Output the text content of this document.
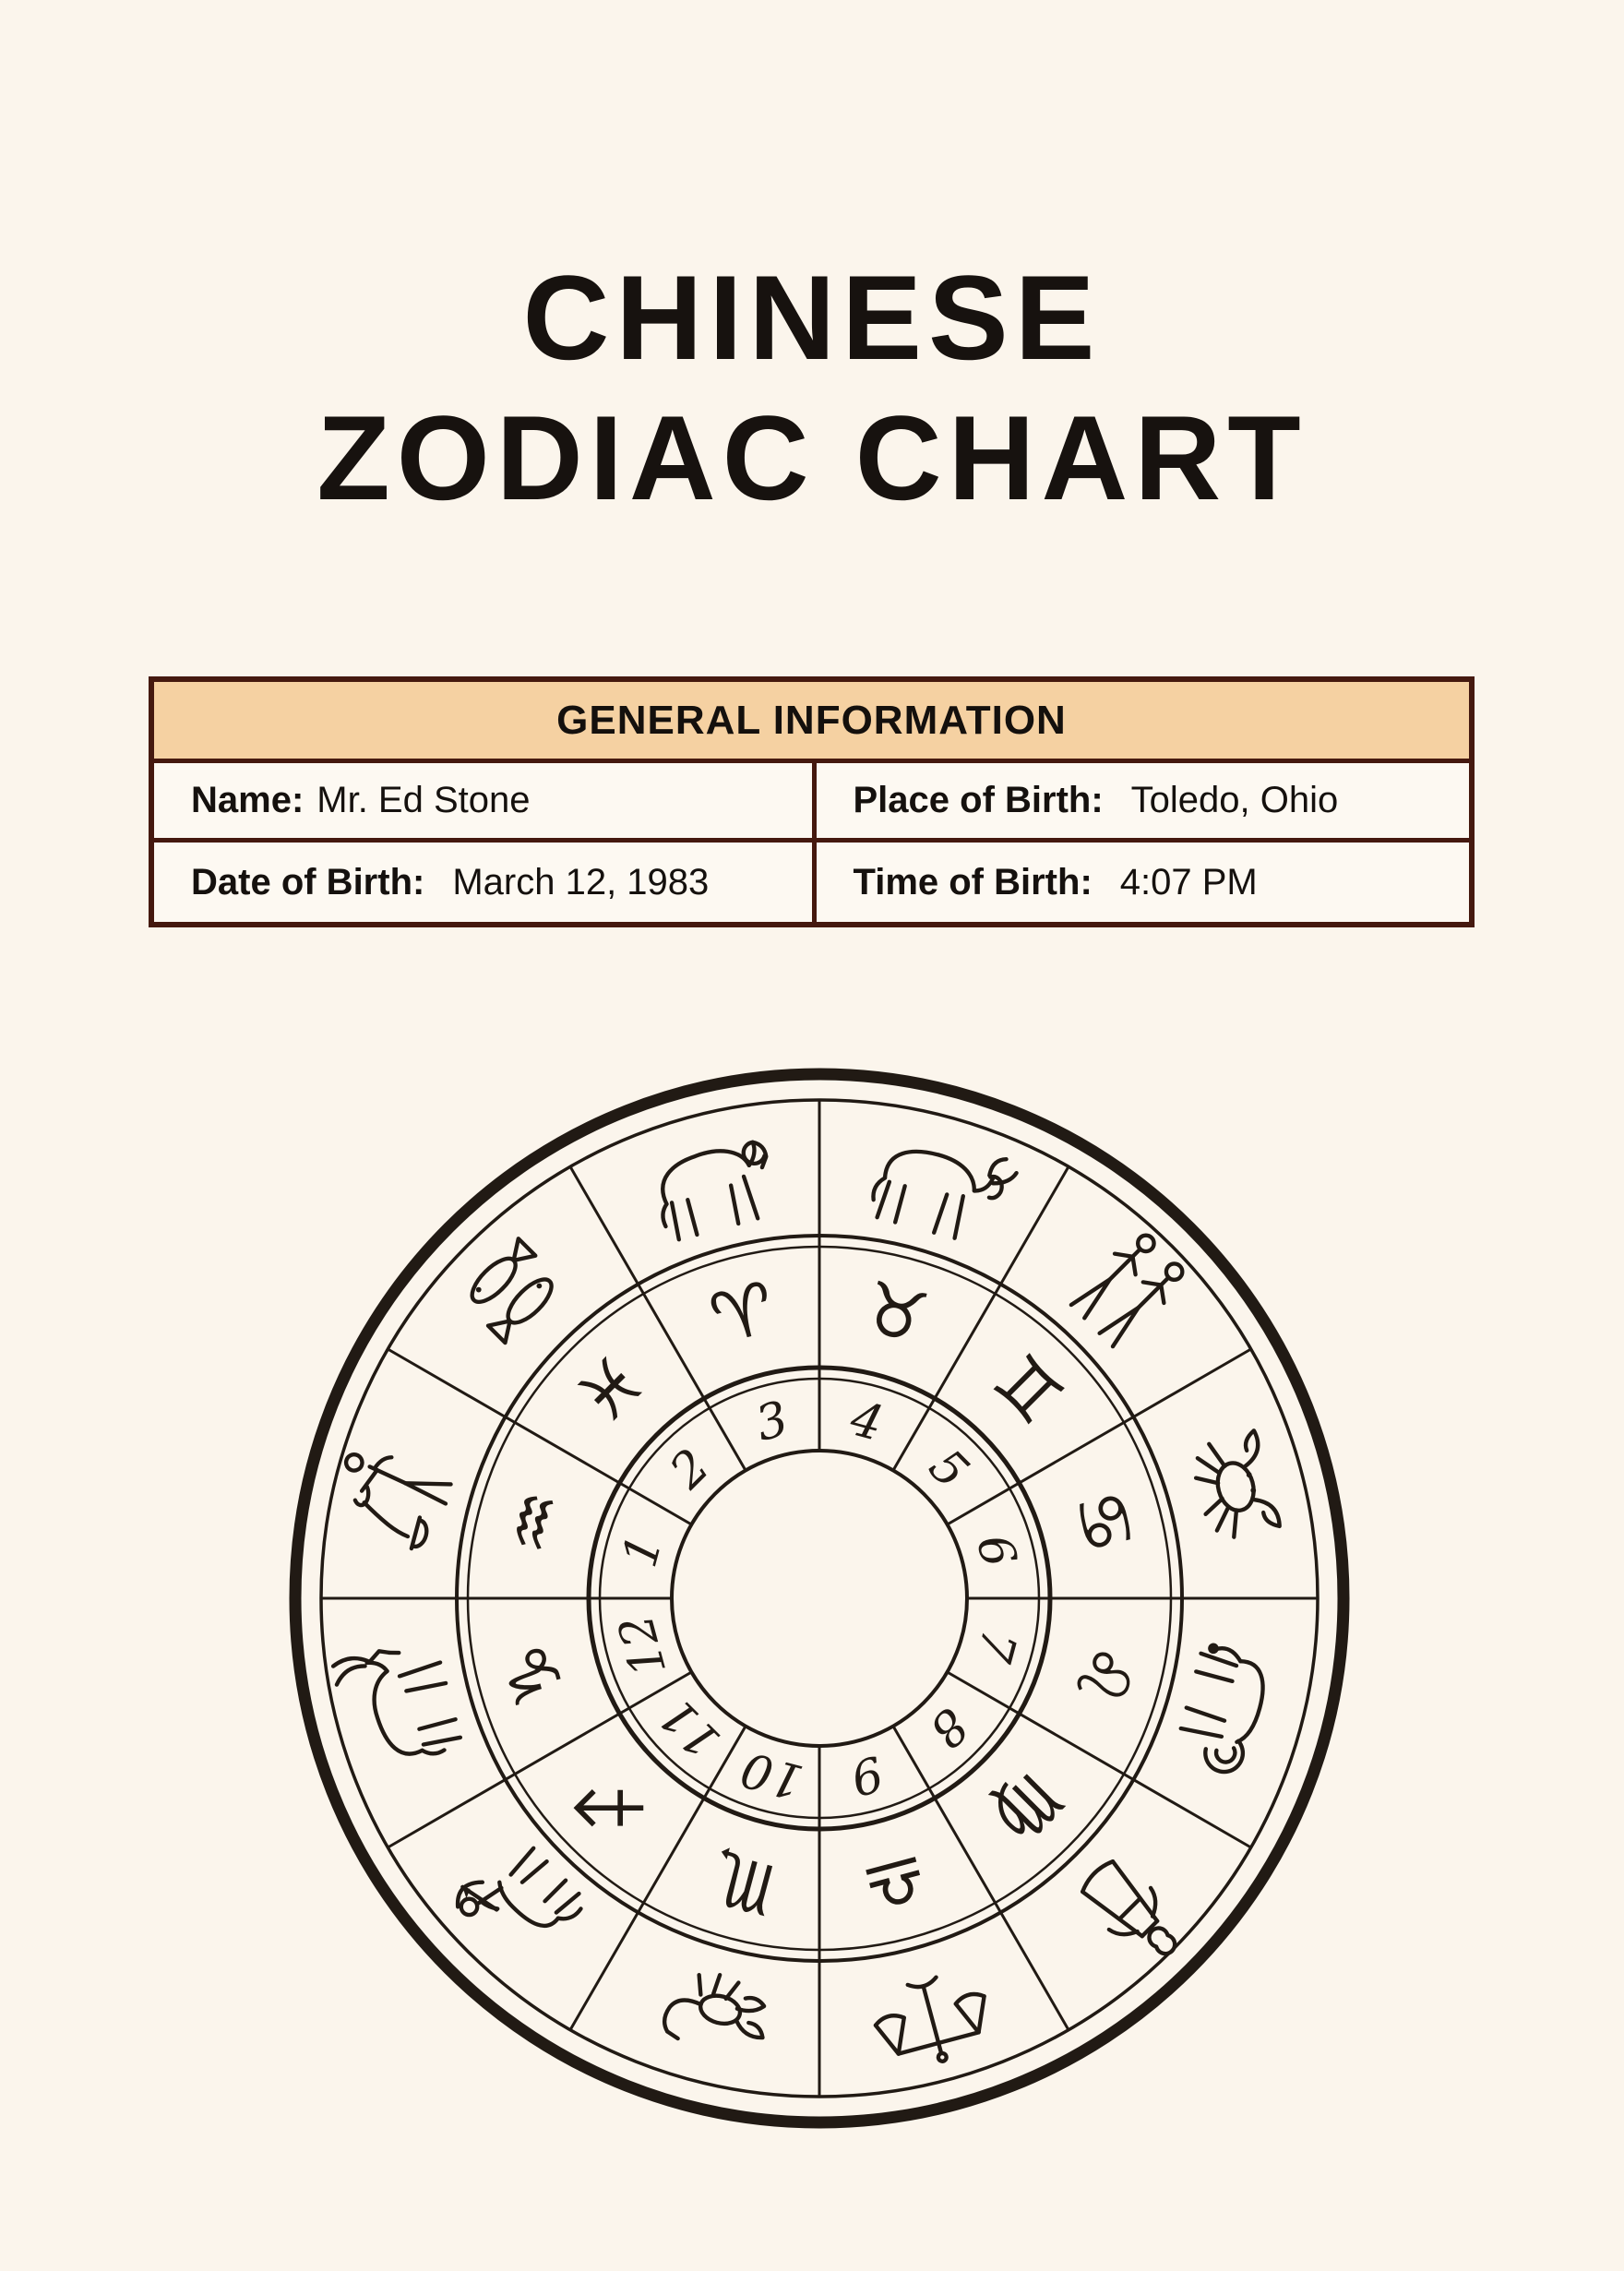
CHINESE
ZODIAC CHART
GENERAL INFORMATION
Name: Mr. Ed Stone	Place of Birth: Toledo, Ohio
Date of Birth: March 12, 1983	Time of Birth: 4:07 PM
4
♉
5
♊
6 ♋
7 ♌
8
♍
9
♎
10
♏
11
♐
12
♑
1
♒
2
♓ 3
♈
